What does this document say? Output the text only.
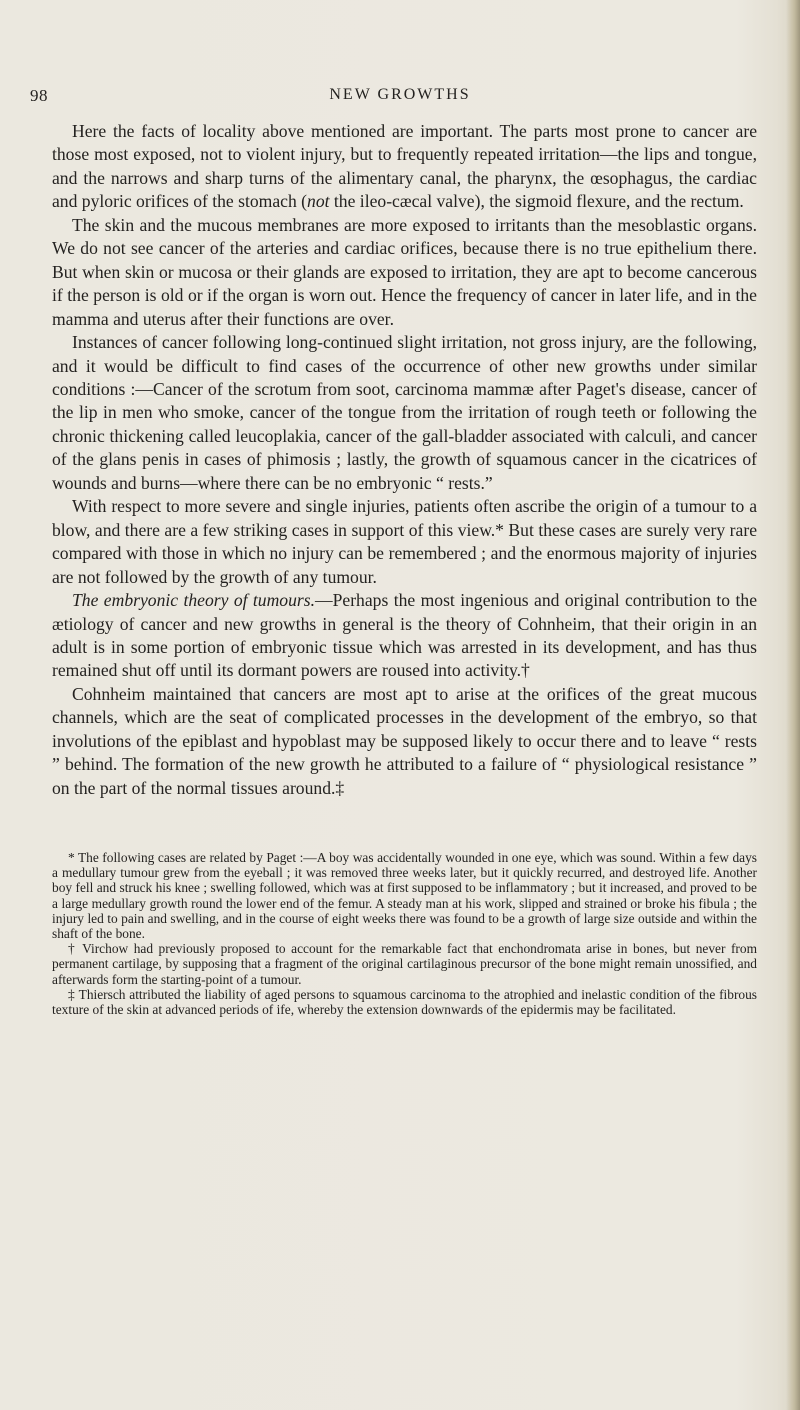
98	NEW GROWTHS

Here the facts of locality above mentioned are important. The parts most prone to cancer are those most exposed, not to violent injury, but to frequently repeated irritation—the lips and tongue, and the narrows and sharp turns of the alimentary canal, the pharynx, the œsophagus, the cardiac and pyloric orifices of the stomach (not the ileo-cæcal valve), the sigmoid flexure, and the rectum.

The skin and the mucous membranes are more exposed to irritants than the mesoblastic organs. We do not see cancer of the arteries and cardiac orifices, because there is no true epithelium there. But when skin or mucosa or their glands are exposed to irritation, they are apt to become cancerous if the person is old or if the organ is worn out. Hence the frequency of cancer in later life, and in the mamma and uterus after their functions are over.

Instances of cancer following long-continued slight irritation, not gross injury, are the following, and it would be difficult to find cases of the occurrence of other new growths under similar conditions :—Cancer of the scrotum from soot, carcinoma mammæ after Paget's disease, cancer of the lip in men who smoke, cancer of the tongue from the irritation of rough teeth or following the chronic thickening called leucoplakia, cancer of the gall-bladder associated with calculi, and cancer of the glans penis in cases of phimosis ; lastly, the growth of squamous cancer in the cicatrices of wounds and burns—where there can be no embryonic “ rests.”

With respect to more severe and single injuries, patients often ascribe the origin of a tumour to a blow, and there are a few striking cases in support of this view.* But these cases are surely very rare compared with those in which no injury can be remembered ; and the enormous majority of injuries are not followed by the growth of any tumour.

The embryonic theory of tumours.—Perhaps the most ingenious and original contribution to the ætiology of cancer and new growths in general is the theory of Cohnheim, that their origin in an adult is in some portion of embryonic tissue which was arrested in its development, and has thus remained shut off until its dormant powers are roused into activity.†

Cohnheim maintained that cancers are most apt to arise at the orifices of the great mucous channels, which are the seat of complicated processes in the development of the embryo, so that involutions of the epiblast and hypoblast may be supposed likely to occur there and to leave “ rests ” behind. The formation of the new growth he attributed to a failure of “ physiological resistance ” on the part of the normal tissues around.‡

* The following cases are related by Paget :—A boy was accidentally wounded in one eye, which was sound. Within a few days a medullary tumour grew from the eyeball ; it was removed three weeks later, but it quickly recurred, and destroyed life. Another boy fell and struck his knee ; swelling followed, which was at first supposed to be inflammatory ; but it increased, and proved to be a large medullary growth round the lower end of the femur. A steady man at his work, slipped and strained or broke his fibula ; the injury led to pain and swelling, and in the course of eight weeks there was found to be a growth of large size outside and within the shaft of the bone.

† Virchow had previously proposed to account for the remarkable fact that enchondromata arise in bones, but never from permanent cartilage, by supposing that a fragment of the original cartilaginous precursor of the bone might remain unossified, and afterwards form the starting-point of a tumour.

‡ Thiersch attributed the liability of aged persons to squamous carcinoma to the atrophied and inelastic condition of the fibrous texture of the skin at advanced periods of ife, whereby the extension downwards of the epidermis may be facilitated.
